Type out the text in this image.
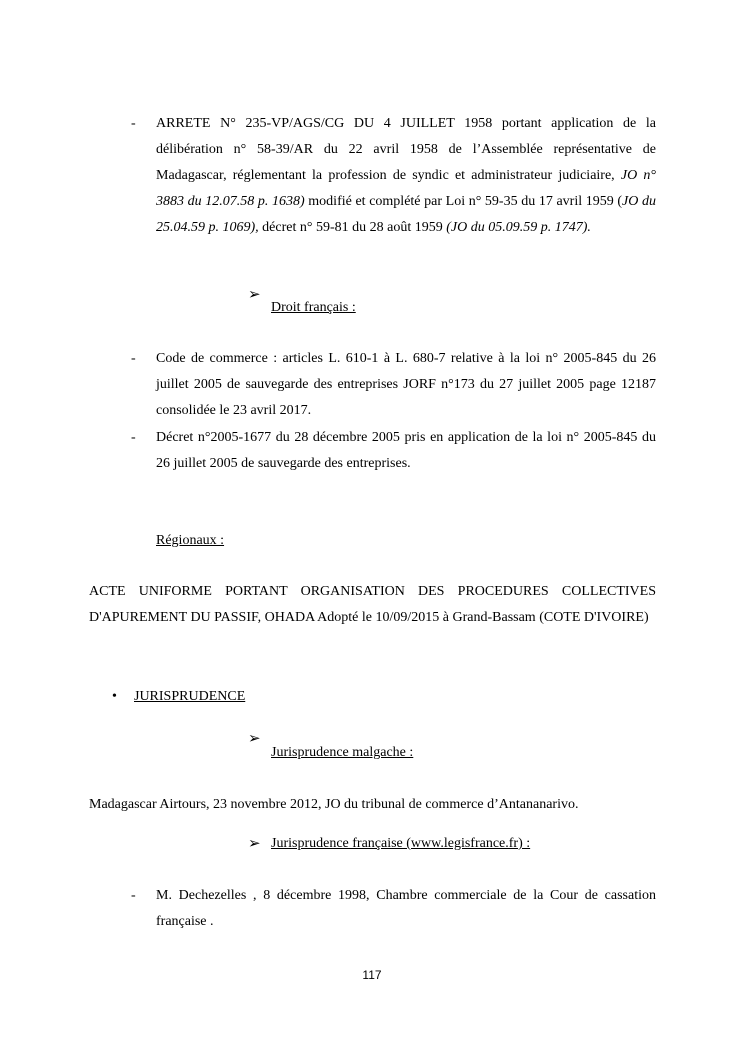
-	ARRETE N° 235-VP/AGS/CG DU 4 JUILLET 1958 portant application de la délibération n° 58-39/AR du 22 avril 1958 de l’Assemblée représentative de Madagascar, réglementant la profession de syndic et administrateur judiciaire, JO n° 3883 du 12.07.58 p. 1638) modifié et complété par Loi n° 59-35 du 17 avril 1959 (JO du 25.04.59 p. 1069), décret n° 59-81 du 28 août 1959 (JO du 05.09.59 p. 1747).
➢
Droit français :
-	Code de commerce : articles L. 610-1 à L. 680-7 relative à la loi n° 2005-845 du 26 juillet 2005 de sauvegarde des entreprises JORF n°173 du 27 juillet 2005 page 12187 consolidée le 23 avril 2017.
-	Décret n°2005-1677 du 28 décembre 2005 pris en application de la loi n° 2005-845 du 26 juillet 2005 de sauvegarde des entreprises.
Régionaux :
ACTE UNIFORME PORTANT ORGANISATION DES PROCEDURES COLLECTIVES D'APUREMENT DU PASSIF, OHADA Adopté le 10/09/2015 à Grand-Bassam (COTE D'IVOIRE)
• JURISPRUDENCE
➢
Jurisprudence malgache :
Madagascar Airtours, 23 novembre 2012, JO du tribunal de commerce d’Antananarivo.
➢ Jurisprudence française (www.legisfrance.fr) :
-	M. Dechezelles , 8 décembre 1998, Chambre commerciale de la Cour de cassation française .
117
